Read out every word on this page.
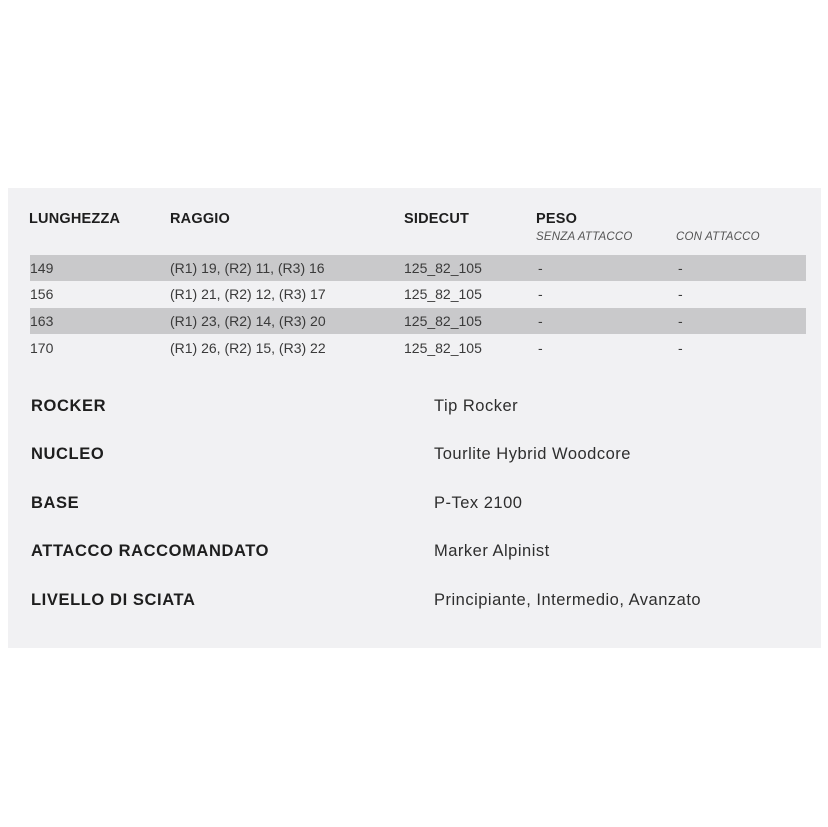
LUNGHEZZA	RAGGIO	SIDECUT	PESO
SENZA ATTACCO	CON ATTACCO
149	(R1) 19, (R2) 11, (R3) 16	125_82_105	-	-
156	(R1) 21, (R2) 12, (R3) 17	125_82_105	-	-
163	(R1) 23, (R2) 14, (R3) 20	125_82_105	-	-
170	(R1) 26, (R2) 15, (R3) 22	125_82_105	-	-
ROCKER	Tip Rocker
NUCLEO	Tourlite Hybrid Woodcore
BASE	P-Tex 2100
ATTACCO RACCOMANDATO	Marker Alpinist
LIVELLO DI SCIATA	Principiante, Intermedio, Avanzato
